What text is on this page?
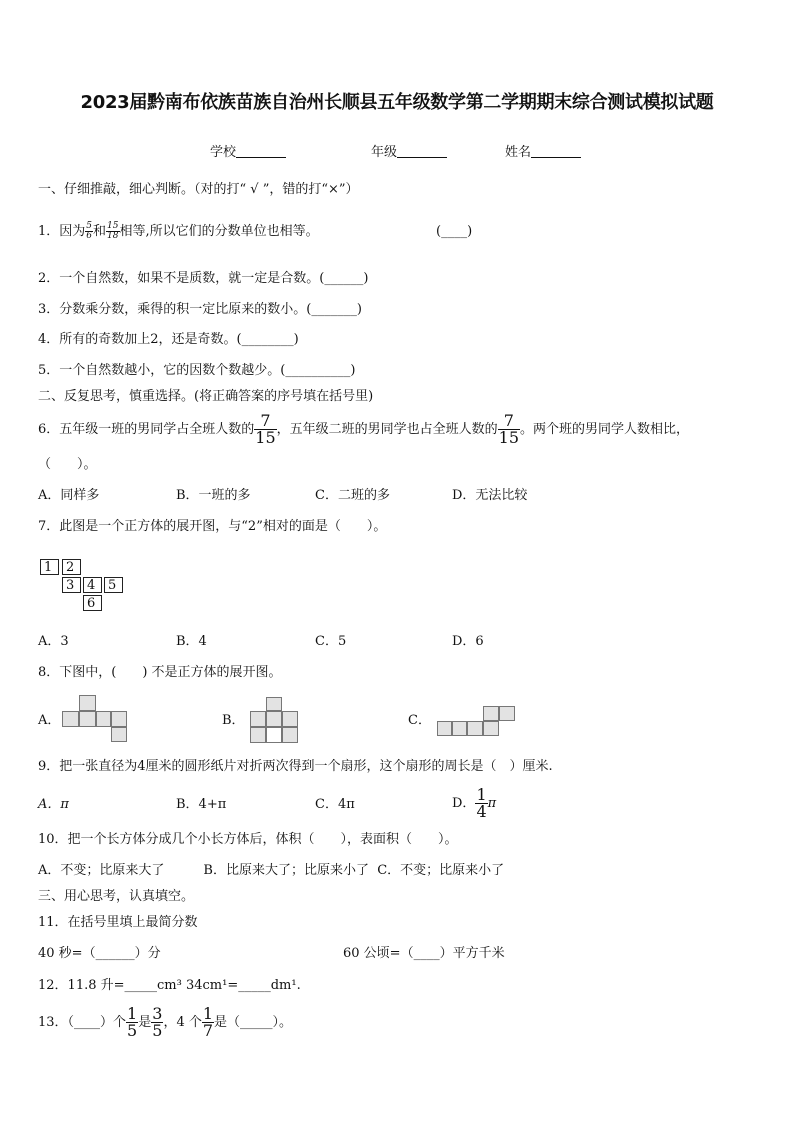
2023届黔南布依族苗族自治州长顺县五年级数学第二学期期末综合测试模拟试题
学校	年级	姓名
一、仔细推敲，细心判断。（对的打“ √ ”，错的打“×”）
1．因为 $\frac{5}{6}$ 和 $\frac{15}{18}$ 相等,所以它们的分数单位也相等。	(____)
2．一个自然数，如果不是质数，就一定是合数。(______)
3．分数乘分数，乘得的积一定比原来的数小。(_______)
4．所有的奇数加上2，还是奇数。(________)
5．一个自然数越小，它的因数个数越少。(__________)
二、反复思考，慎重选择。(将正确答案的序号填在括号里)
6．五年级一班的男同学占全班人数的 $\frac{7}{15}$ ，五年级二班的男同学也占全班人数的 $\frac{7}{15}$ 。两个班的男同学人数相比，
（　　）。
A．同样多	B．一班的多	C．二班的多	D．无法比较
7．此图是一个正方体的展开图，与“2”相对的面是（　　）。
1	2
3 4 5
6
A．3	B．4	C．5	D．6
8．下图中，(　　) 不是正方体的展开图。
A．	B．	C．
9．把一张直径为4厘米的圆形纸片对折两次得到一个扇形，这个扇形的周长是（　）厘米.
A．π	B．4+π	C．4π	D． $\frac{1}{4}$ π
10．把一个长方体分成几个小长方体后，体积（　　），表面积（　　）。
A．不变；比原来大了　　　B．比原来大了；比原来小了  C．不变；比原来小了
三、用心思考，认真填空。
11．在括号里填上最简分数
40 秒=（______）分	60 公顷=（____）平方千米
12．11.8 升=_____cm³ 34cm¹=_____dm¹.
13．（____）个 $\frac{1}{5}$ 是 $\frac{3}{5}$ ，4 个 $\frac{1}{7}$ 是（_____）。
